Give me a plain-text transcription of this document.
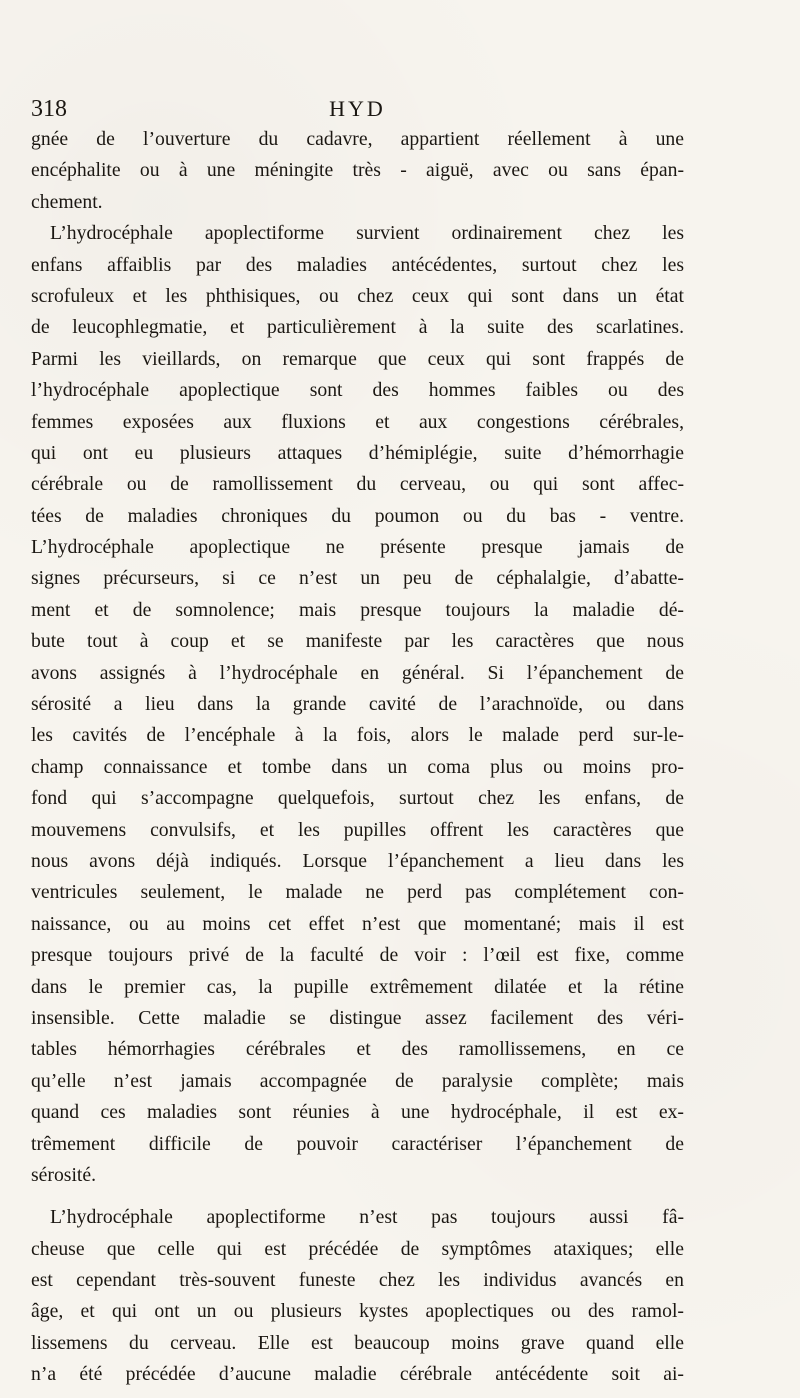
318	HYD
gnée de l’ouverture du cadavre, appartient réellement à une
encéphalite ou à une méningite très - aiguë, avec ou sans épan-
chement.
L’hydrocéphale apoplectiforme survient ordinairement chez les
enfans affaiblis par des maladies antécédentes, surtout chez les
scrofuleux et les phthisiques, ou chez ceux qui sont dans un état
de leucophlegmatie, et particulièrement à la suite des scarlatines.
Parmi les vieillards, on remarque que ceux qui sont frappés de
l’hydrocéphale apoplectique sont des hommes faibles ou des
femmes exposées aux fluxions et aux congestions cérébrales,
qui ont eu plusieurs attaques d’hémiplégie, suite d’hémorrhagie
cérébrale ou de ramollissement du cerveau, ou qui sont affec-
tées de maladies chroniques du poumon ou du bas - ventre.
L’hydrocéphale apoplectique ne présente presque jamais de
signes précurseurs, si ce n’est un peu de céphalalgie, d’abatte-
ment et de somnolence; mais presque toujours la maladie dé-
bute tout à coup et se manifeste par les caractères que nous
avons assignés à l’hydrocéphale en général. Si l’épanchement de
sérosité a lieu dans la grande cavité de l’arachnoïde, ou dans
les cavités de l’encéphale à la fois, alors le malade perd sur-le-
champ connaissance et tombe dans un coma plus ou moins pro-
fond qui s’accompagne quelquefois, surtout chez les enfans, de
mouvemens convulsifs, et les pupilles offrent les caractères que
nous avons déjà indiqués. Lorsque l’épanchement a lieu dans les
ventricules seulement, le malade ne perd pas complétement con-
naissance, ou au moins cet effet n’est que momentané; mais il est
presque toujours privé de la faculté de voir : l’œil est fixe, comme
dans le premier cas, la pupille extrêmement dilatée et la rétine
insensible. Cette maladie se distingue assez facilement des véri-
tables hémorrhagies cérébrales et des ramollissemens, en ce
qu’elle n’est jamais accompagnée de paralysie complète; mais
quand ces maladies sont réunies à une hydrocéphale, il est ex-
trêmement difficile de pouvoir caractériser l’épanchement de
sérosité.
L’hydrocéphale apoplectiforme n’est pas toujours aussi fâ-
cheuse que celle qui est précédée de symptômes ataxiques; elle
est cependant très-souvent funeste chez les individus avancés en
âge, et qui ont un ou plusieurs kystes apoplectiques ou des ramol-
lissemens du cerveau. Elle est beaucoup moins grave quand elle
n’a été précédée d’aucune maladie cérébrale antécédente soit ai-
